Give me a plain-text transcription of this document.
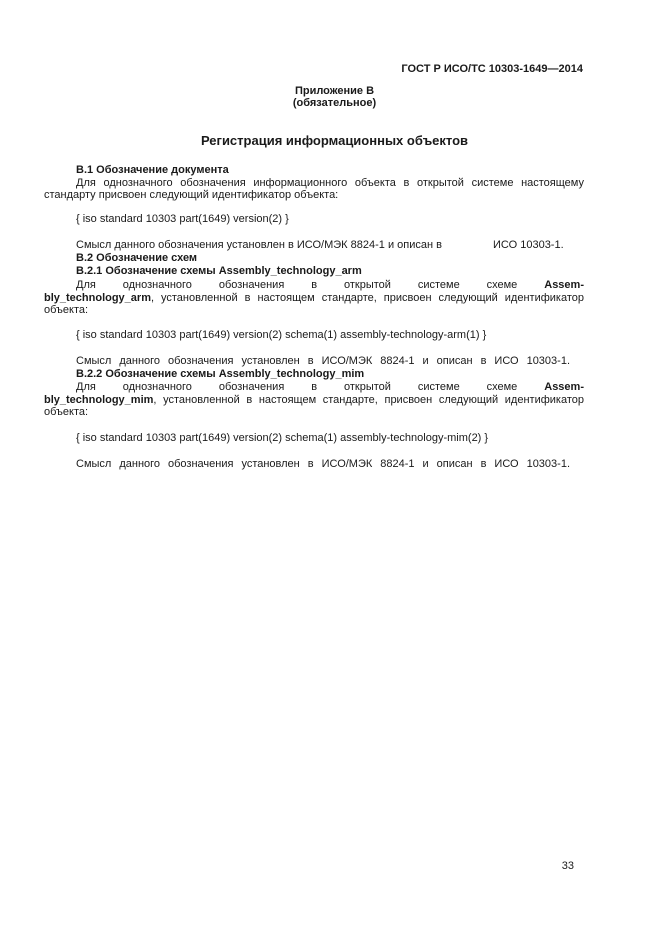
ГОСТ Р ИСО/ТС 10303-1649—2014
Приложение В
(обязательное)
Регистрация информационных объектов
В.1 Обозначение документа
Для однозначного обозначения информационного объекта в открытой системе настоящему
стандарту присвоен следующий идентификатор объекта:
{ iso standard 10303 part(1649) version(2) }
Смысл данного обозначения установлен в ИСО/МЭК 8824-1 и описан в	ИСО 10303-1.
В.2 Обозначение схем
В.2.1 Обозначение схемы Assembly_technology_arm
Для однозначного обозначения в открытой системе схеме Assem-
bly_technology_arm, установленной в настоящем стандарте, присвоен следующий идентификатор
объекта:
{ iso standard 10303 part(1649) version(2) schema(1) assembly-technology-arm(1) }
Смысл данного обозначения установлен в ИСО/МЭК 8824-1 и описан в ИСО 10303-1.
В.2.2 Обозначение схемы Assembly_technology_mim
Для однозначного обозначения в открытой системе схеме Assem-
bly_technology_mim, установленной в настоящем стандарте, присвоен следующий идентификатор
объекта:
{ iso standard 10303 part(1649) version(2) schema(1) assembly-technology-mim(2) }
Смысл данного обозначения установлен в ИСО/МЭК 8824-1 и описан в ИСО 10303-1.
33
